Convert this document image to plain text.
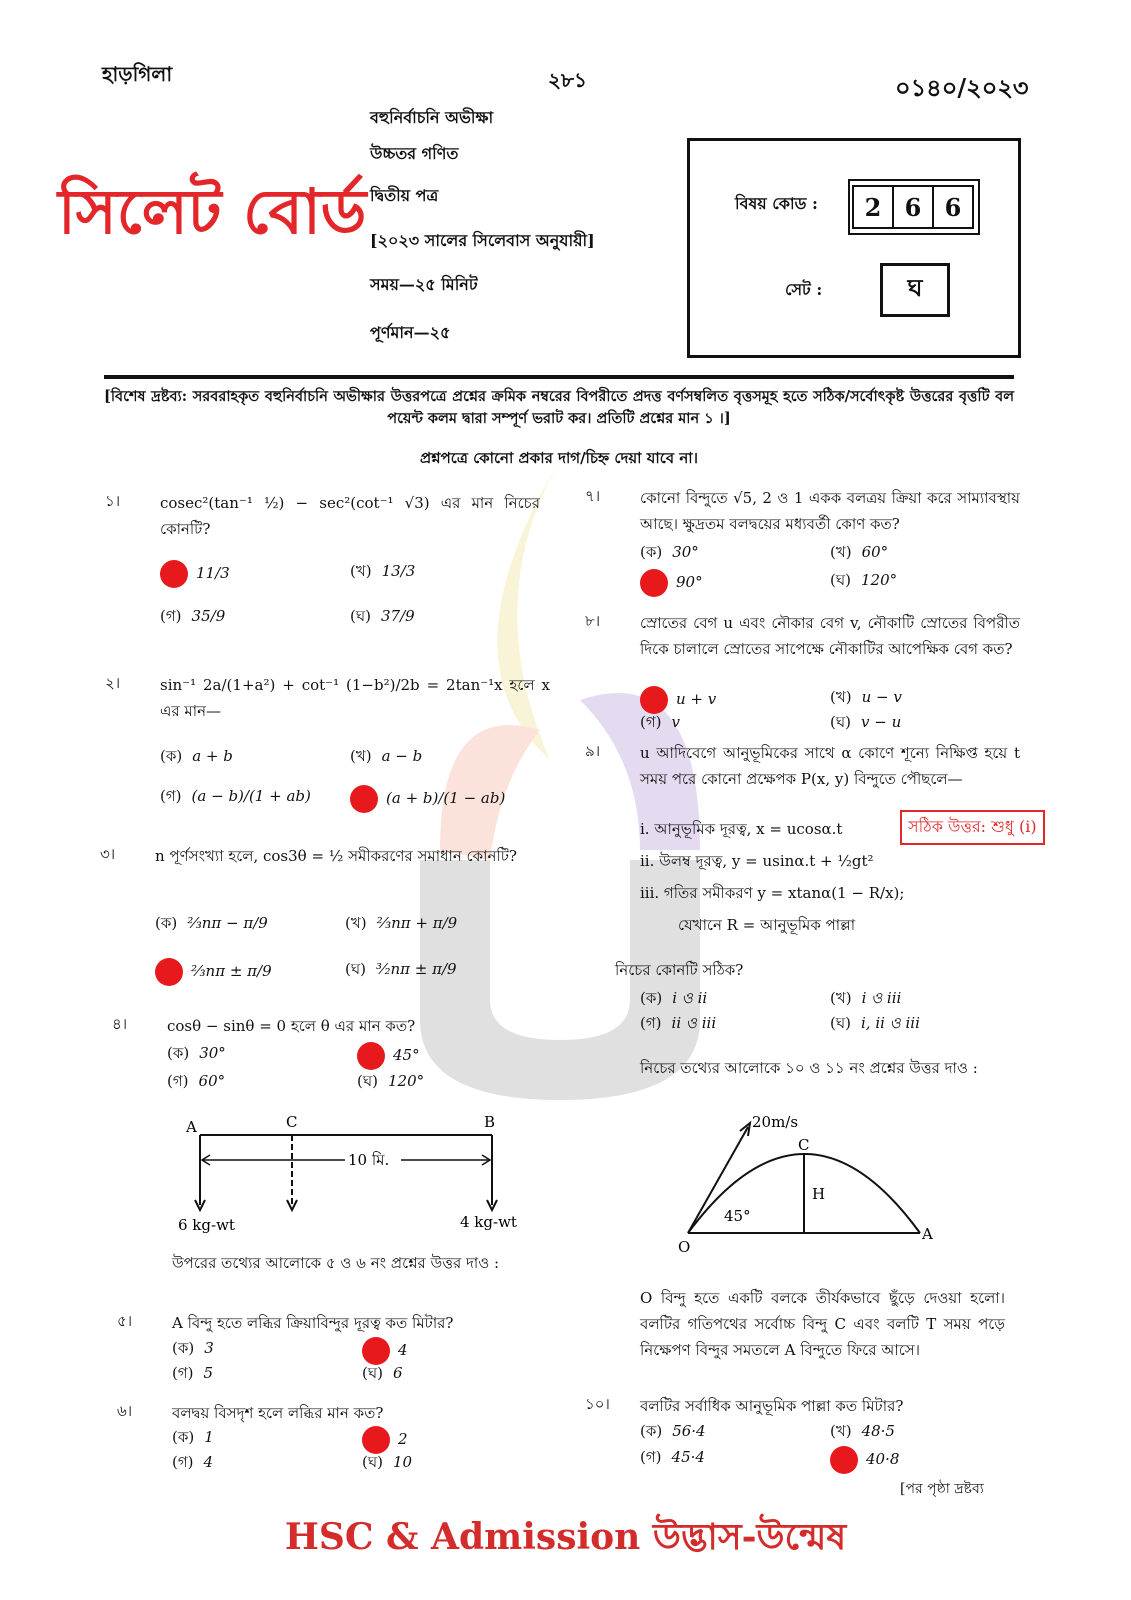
হাড়গিলা	২৮১	০১৪০/২০২৩
সিলেট বোর্ড
বহুনির্বাচনি অভীক্ষা
উচ্চতর গণিত
দ্বিতীয় পত্র
[২০২৩ সালের সিলেবাস অনুযায়ী]
সময়—২৫ মিনিট
পূর্ণমান—২৫
বিষয় কোড :	2 6 6
সেট :	ঘ
[বিশেষ দ্রষ্টব্য: সরবরাহকৃত বহুনির্বাচনি অভীক্ষার উত্তরপত্রে প্রশ্নের ক্রমিক নম্বরের বিপরীতে প্রদত্ত বর্ণসম্বলিত বৃত্তসমূহ হতে সঠিক/সর্বোৎকৃষ্ট উত্তরের বৃত্তটি বল পয়েন্ট কলম দ্বারা সম্পূর্ণ ভরাট কর। প্রতিটি প্রশ্নের মান ১ ।]
প্রশ্নপত্রে কোনো প্রকার দাগ/চিহ্ন দেয়া যাবে না।
১।	cosec²(tan⁻¹ ½) − sec²(cot⁻¹ √3) এর মান নিচের কোনটি?
11/3	(খ) 13/3
(গ) 35/9	(ঘ) 37/9
২।	sin⁻¹ 2a/(1+a²) + cot⁻¹ (1−b²)/2b = 2tan⁻¹x হলে x এর মান—
(ক) a + b	(খ) a − b
(গ) (a − b)/(1 + ab)	(a + b)/(1 − ab)
৩।	n পূর্ণসংখ্যা হলে, cos3θ = ½ সমীকরণের সমাধান কোনটি?
(ক) ⅔nπ − π/9	(খ) ⅔nπ + π/9
⅔nπ ± π/9	(ঘ) ³⁄₂nπ ± π/9
৪।	cosθ − sinθ = 0 হলে θ এর মান কত?
(ক) 30°	45°
(গ) 60°	(ঘ) 120°
৫।	A বিন্দু হতে লব্ধির ক্রিয়াবিন্দুর দূরত্ব কত মিটার?
(ক) 3	4
(গ) 5	(ঘ) 6
৬।	বলদ্বয় বিসদৃশ হলে লব্ধির মান কত?
(ক) 1	2
(গ) 4	(ঘ) 10
৭।	কোনো বিন্দুতে √5, 2 ও 1 একক বলত্রয় ক্রিয়া করে সাম্যাবস্থায় আছে। ক্ষুদ্রতম বলদ্বয়ের মধ্যবর্তী কোণ কত?
(ক) 30°	(খ) 60°
90°	(ঘ) 120°
৮।	স্রোতের বেগ u এবং নৌকার বেগ v, নৌকাটি স্রোতের বিপরীত দিকে চালালে স্রোতের সাপেক্ষে নৌকাটির আপেক্ষিক বেগ কত?
u + v	(খ) u − v
(গ) v	(ঘ) v − u
৯।	u আদিবেগে আনুভূমিকের সাথে α কোণে শূন্যে নিক্ষিপ্ত হয়ে t সময় পরে কোনো প্রক্ষেপক P(x, y) বিন্দুতে পৌছলে—
i. আনুভূমিক দূরত্ব, x = ucosα.t
ii. উলম্ব দূরত্ব, y = usinα.t + ½gt²
iii. গতির সমীকরণ y = xtanα(1 − R/x);
যেখানে R = আনুভূমিক পাল্লা
নিচের কোনটি সঠিক?
সঠিক উত্তর: শুধু (i)
(ক) i ও ii	(খ) i ও iii
(গ) ii ও iii	(ঘ) i, ii ও iii
১০। বলটির সর্বাধিক আনুভূমিক পাল্লা কত মিটার?
(ক) 56·4	(খ) 48·5
(গ) 45·4	40·8
উপরের তথ্যের আলোকে ৫ ও ৬ নং প্রশ্নের উত্তর দাও :
নিচের তথ্যের আলোকে ১০ ও ১১ নং প্রশ্নের উত্তর দাও :
O বিন্দু হতে একটি বলকে তীর্যকভাবে ছুঁড়ে দেওয়া হলো। বলটির গতিপথের সর্বোচ্চ বিন্দু C এবং বলটি T সময় পড়ে নিক্ষেপণ বিন্দুর সমতলে A বিন্দুতে ফিরে আসে।
A	C	B
10 মি.
6 kg-wt	4 kg-wt
20m/s
C
H
45°
O
A
[পর পৃষ্ঠা দ্রষ্টব্য
HSC & Admission উদ্ভাস-উন্মেষ
